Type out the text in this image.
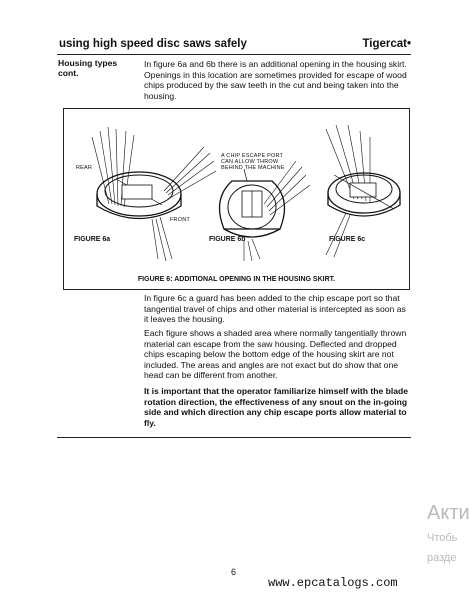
using high speed disc saws safely	Tigercat•
Housing types
cont.

In figure 6a and 6b there is an additional opening in the housing skirt. Openings in this location are sometimes provided for escape of wood chips produced by the saw teeth in the cut and being taken into the housing.

REAR
FRONT
A CHIP ESCAPE PORT
CAN ALLOW THROW
BEHIND THE MACHINE
FIGURE 6a	FIGURE 6b	FIGURE 6c
FIGURE 6: ADDITIONAL OPENING IN THE HOUSING SKIRT.

In figure 6c a guard has been added to the chip escape port so that tangential travel of chips and other material is intercepted as soon as it leaves the housing.

Each figure shows a shaded area where normally tangentially thrown material can escape from the saw housing. Deflected and dropped chips escaping below the bottom edge of the housing skirt are not included. The areas and angles are not exact but do show that one head can be different from another.

It is important that the operator familiarize himself with the blade rotation direction, the effectiveness of any snout on the in-going side and which direction any chip escape ports allow material to fly.

6
Акти
Чтобь
разде
www.epcatalogs.com
